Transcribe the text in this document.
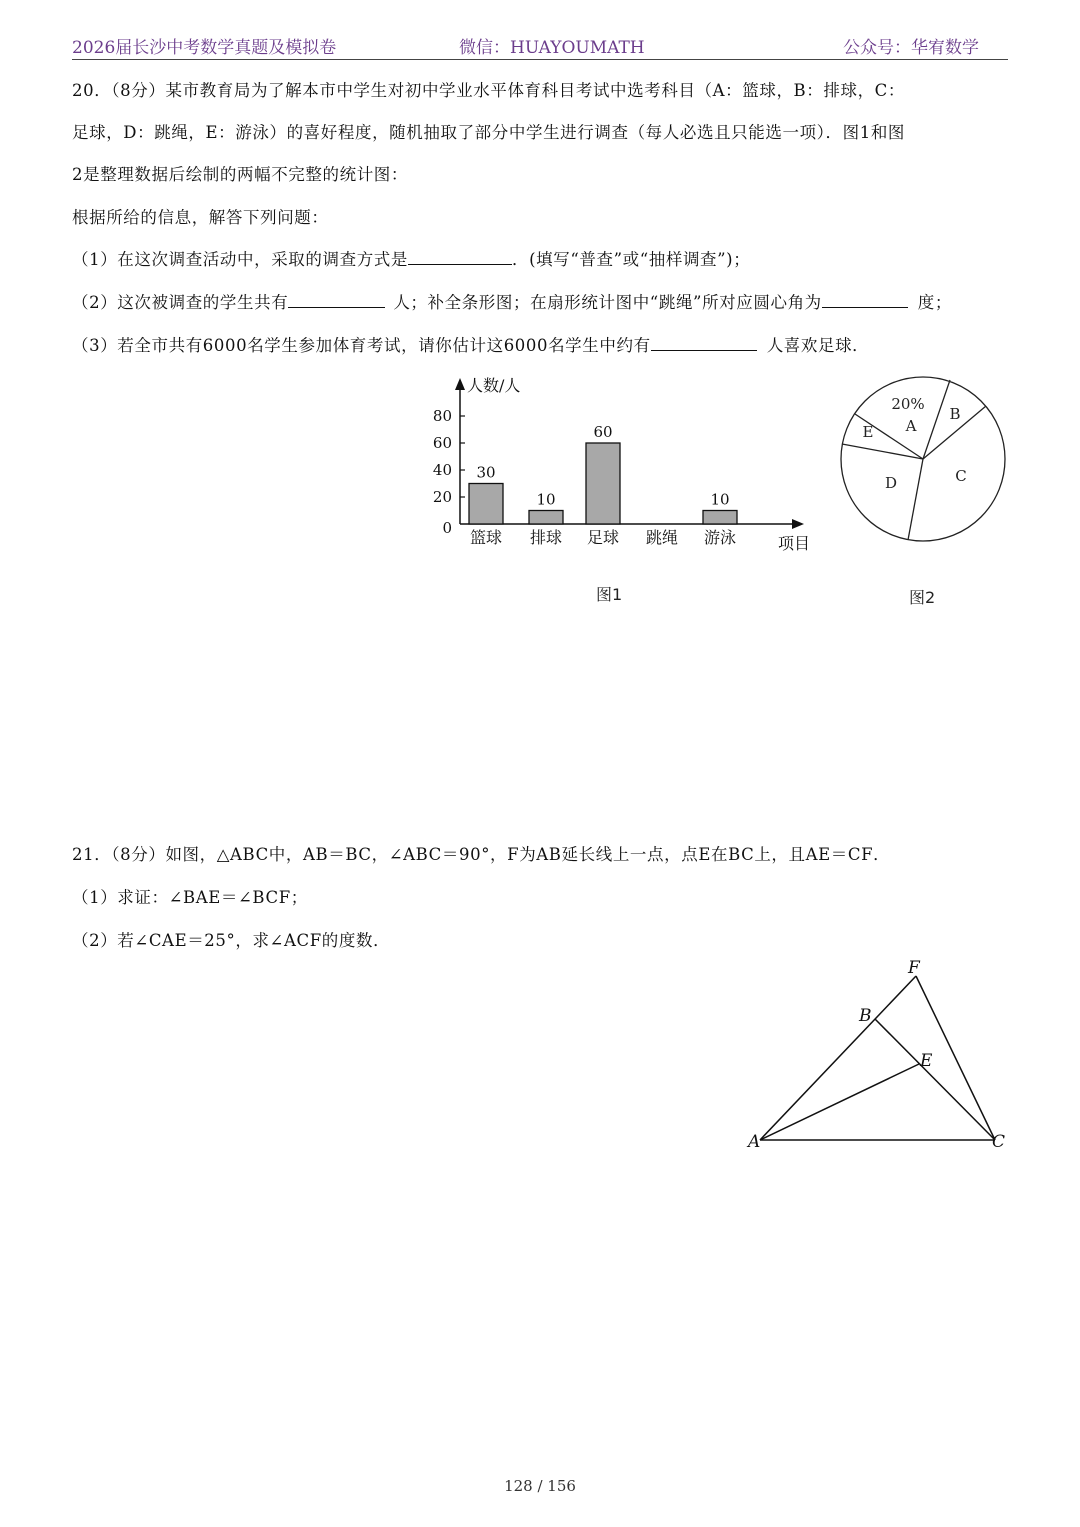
2026届长沙中考数学真题及模拟卷	微信：HUAYOUMATH	公众号：华宥数学
20．（8分）某市教育局为了解本市中学生对初中学业水平体育科目考试中选考科目（A：篮球，B：排球，C：
足球，D：跳绳，E：游泳）的喜好程度，随机抽取了部分中学生进行调查（每人必选且只能选一项）．图1和图
2是整理数据后绘制的两幅不完整的统计图：
根据所给的信息，解答下列问题：
（1）在这次调查活动中，采取的调查方式是	．(填写“普查”或“抽样调查”)；
（2）这次被调查的学生共有	人；补全条形图；在扇形统计图中“跳绳”所对应圆心角为	度；
（3）若全市共有6000名学生参加体育考试，请你估计这6000名学生中约有	人喜欢足球．
0
20
40
60
80
人数/人
项目
30
篮球
10
排球
60
足球 跳绳
10
游泳
图1
20%
A
B
C
D
E
图2
21．（8分）如图，△ABC中，AB＝BC，∠ABC＝90°，F为AB延长线上一点，点E在BC上，且AE＝CF．
（1）求证：∠BAE＝∠BCF；
（2）若∠CAE＝25°，求∠ACF的度数．
A
B
C
E
F
128 / 156
